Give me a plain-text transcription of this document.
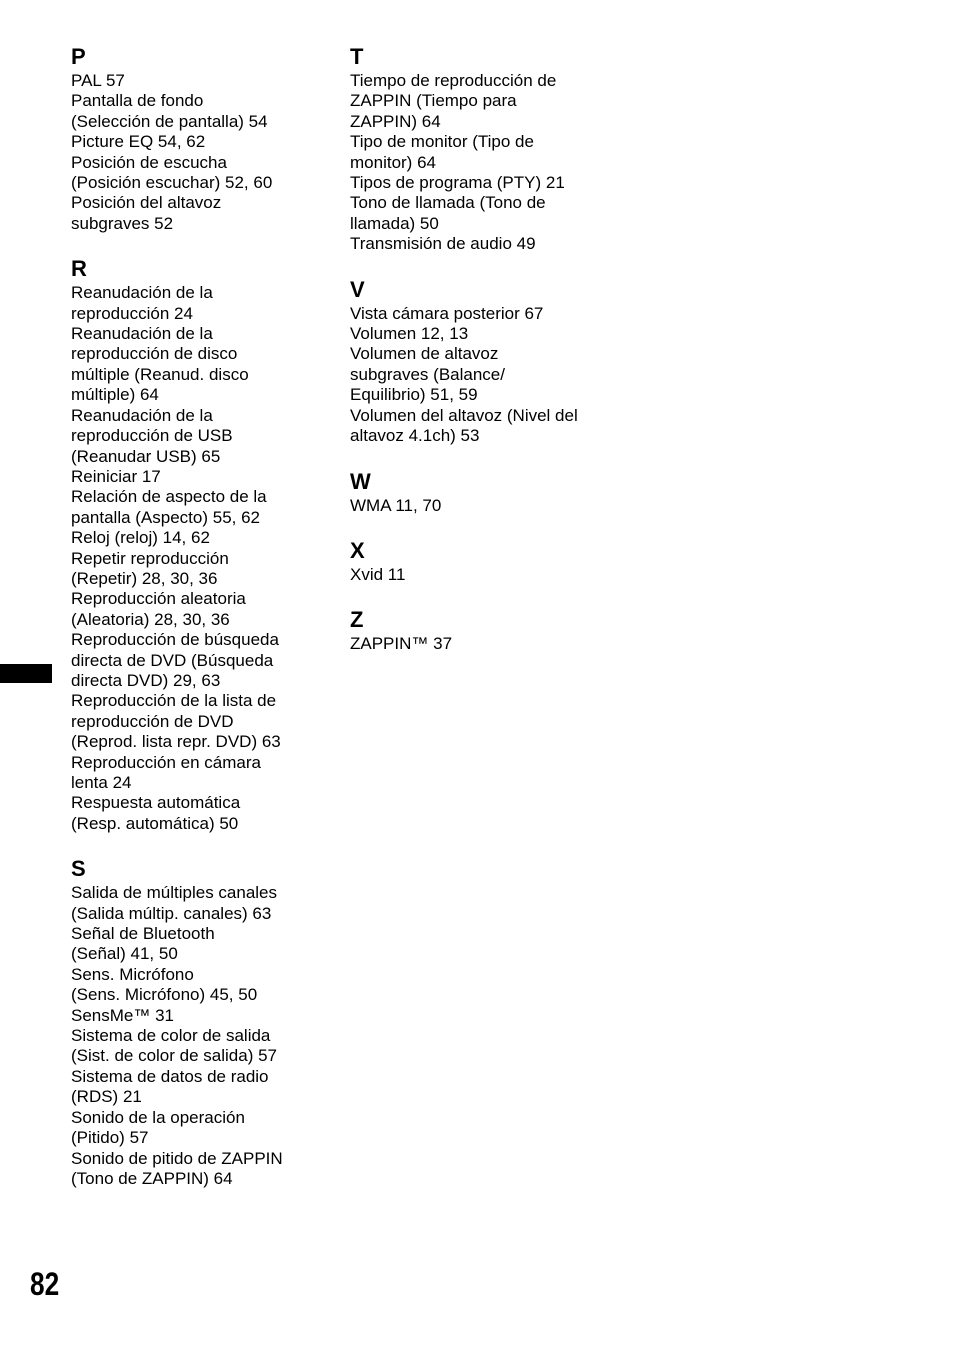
P
PAL 57
Pantalla de fondo
(Selección de pantalla) 54
Picture EQ 54, 62
Posición de escucha
(Posición escuchar) 52, 60
Posición del altavoz
subgraves 52
R
Reanudación de la
reproducción 24
Reanudación de la
reproducción de disco
múltiple (Reanud. disco
múltiple) 64
Reanudación de la
reproducción de USB
(Reanudar USB) 65
Reiniciar 17
Relación de aspecto de la
pantalla (Aspecto) 55, 62
Reloj (reloj) 14, 62
Repetir reproducción
(Repetir) 28, 30, 36
Reproducción aleatoria
(Aleatoria) 28, 30, 36
Reproducción de búsqueda
directa de DVD (Búsqueda
directa DVD) 29, 63
Reproducción de la lista de
reproducción de DVD
(Reprod. lista repr. DVD) 63
Reproducción en cámara
lenta 24
Respuesta automática
(Resp. automática) 50
S
Salida de múltiples canales
(Salida múltip. canales) 63
Señal de Bluetooth
(Señal) 41, 50
Sens. Micrófono
(Sens. Micrófono) 45, 50
SensMe™ 31
Sistema de color de salida
(Sist. de color de salida) 57
Sistema de datos de radio
(RDS) 21
Sonido de la operación
(Pitido) 57
Sonido de pitido de ZAPPIN
(Tono de ZAPPIN) 64
T
Tiempo de reproducción de
ZAPPIN (Tiempo para
ZAPPIN) 64
Tipo de monitor (Tipo de
monitor) 64
Tipos de programa (PTY) 21
Tono de llamada (Tono de
llamada) 50
Transmisión de audio 49
V
Vista cámara posterior 67
Volumen 12, 13
Volumen de altavoz
subgraves (Balance/
Equilibrio) 51, 59
Volumen del altavoz (Nivel del
altavoz 4.1ch) 53
W
WMA 11, 70
X
Xvid 11
Z
ZAPPIN™ 37
82
